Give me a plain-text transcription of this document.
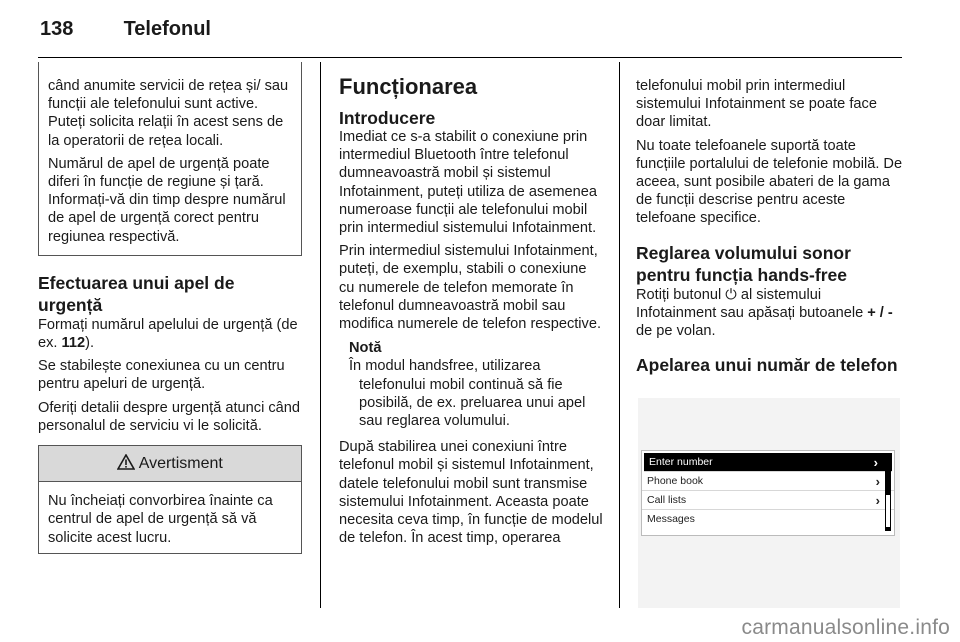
138	Telefonul

când anumite servicii de rețea și/ sau funcții ale telefonului sunt active. Puteți solicita relații în acest sens de la operatorii de rețea locali.

Numărul de apel de urgență poate diferi în funcție de regiune și țară. Informați-vă din timp despre numărul de apel de urgență corect pentru regiunea respectivă.

Efectuarea unui apel de urgență

Formați numărul apelului de urgență (de ex. 112).

Se stabilește conexiunea cu un centru pentru apeluri de urgență.

Oferiți detalii despre urgență atunci când personalul de serviciu vi le solicită.

Avertisment
Nu încheiați convorbirea înainte ca centrul de apel de urgență să vă solicite acest lucru.
Funcționarea
Introducere

Imediat ce s-a stabilit o conexiune prin intermediul Bluetooth între telefonul dumneavoastră mobil și sistemul Infotainment, puteți utiliza de asemenea numeroase funcții ale telefonului mobil prin intermediul sistemului Infotainment.

Prin intermediul sistemului Infotainment, puteți, de exemplu, stabili o conexiune cu numerele de telefon memorate în telefonul dumneavoastră mobil sau modifica numerele de telefon respective.

Notă
În modul handsfree, utilizarea
telefonului mobil continuă să fie posibilă, de ex. preluarea unui apel sau reglarea volumului.

După stabilirea unei conexiuni între telefonul mobil și sistemul Infotainment, datele telefonului mobil sunt transmise sistemului Infotainment. Aceasta poate necesita ceva timp, în funcție de modelul de telefon. În acest timp, operarea

telefonului mobil prin intermediul sistemului Infotainment se poate face doar limitat.

Nu toate telefoanele suportă toate funcțiile portalului de telefonie mobilă. De aceea, sunt posibile abateri de la gama de funcții descrise pentru aceste telefoane specifice.

Reglarea volumului sonor pentru funcția hands-free

Rotiți butonul ⏻ al sistemului Infotainment sau apăsați butoanele + / - de pe volan.

Apelarea unui număr de telefon
Enter number	›
Phone book	›
Call lists	›
Messages
carmanualsonline.info
